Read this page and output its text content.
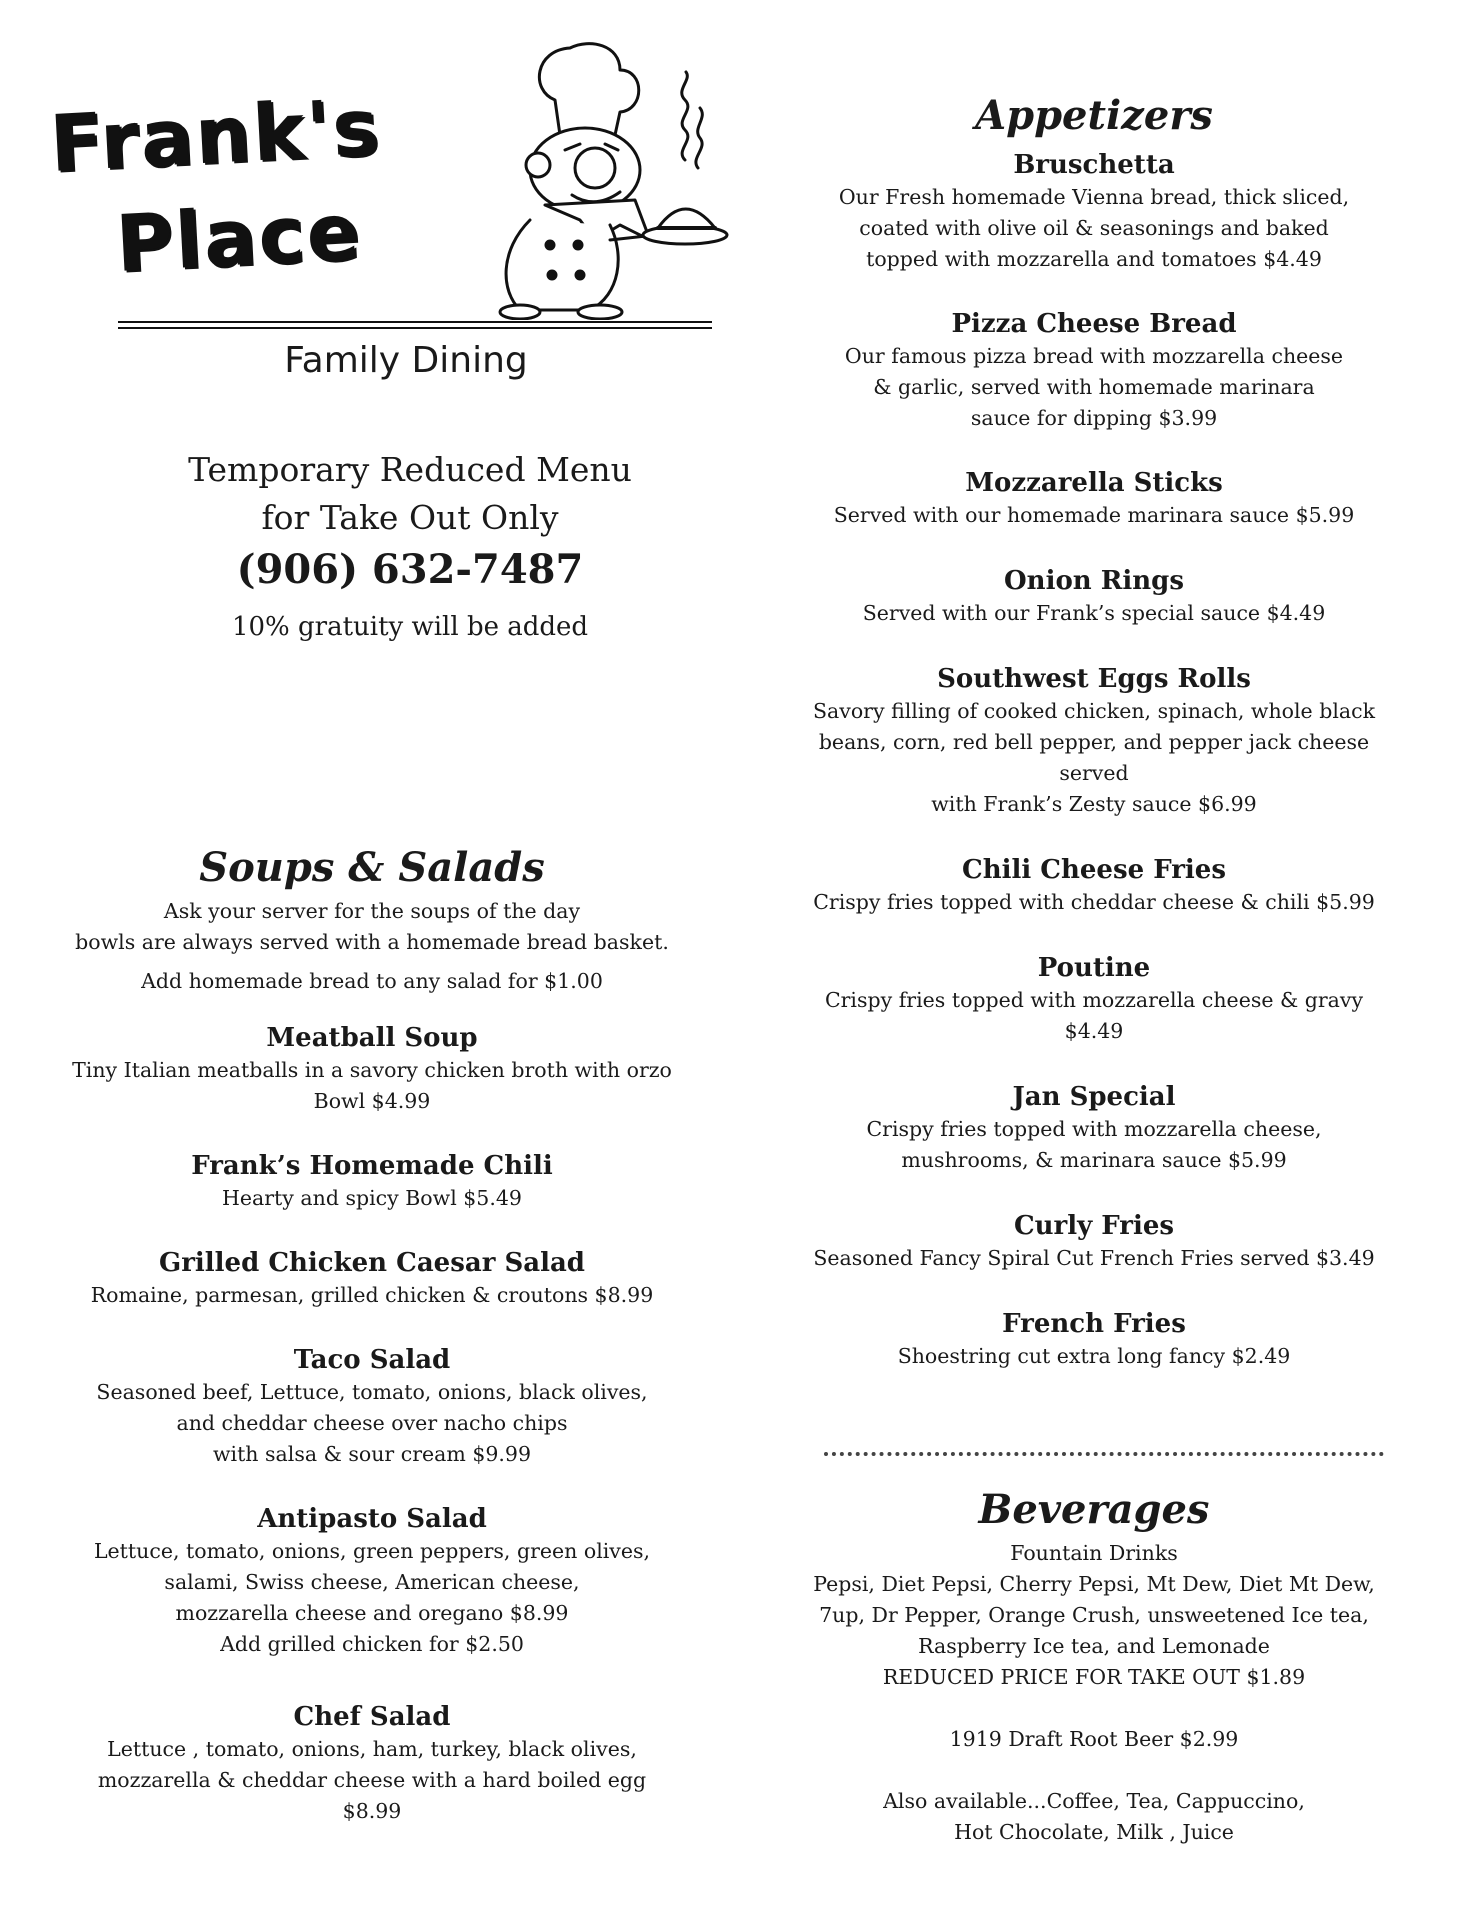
Frank's
Place
Family Dining
Temporary Reduced Menu
for Take Out Only
(906) 632-7487
10% gratuity will be added
Soups & Salads
Ask your server for the soups of the day
bowls are always served with a homemade bread basket.
Add homemade bread to any salad for $1.00
Meatball Soup
Tiny Italian meatballs in a savory chicken broth with orzo
Bowl $4.99
Frank’s Homemade Chili
Hearty and spicy Bowl $5.49
Grilled Chicken Caesar Salad
Romaine, parmesan, grilled chicken & croutons $8.99
Taco Salad
Seasoned beef, Lettuce, tomato, onions, black olives,
and cheddar cheese over nacho chips
with salsa & sour cream $9.99
Antipasto Salad
Lettuce, tomato, onions, green peppers, green olives,
salami, Swiss cheese, American cheese,
mozzarella cheese and oregano $8.99
Add grilled chicken for $2.50
Chef Salad
Lettuce , tomato, onions, ham, turkey, black olives,
mozzarella & cheddar cheese with a hard boiled egg $8.99
Appetizers
Bruschetta
Our Fresh homemade Vienna bread, thick sliced,
coated with olive oil & seasonings and baked
topped with mozzarella and tomatoes $4.49
Pizza Cheese Bread
Our famous pizza bread with mozzarella cheese
& garlic, served with homemade marinara
sauce for dipping $3.99
Mozzarella Sticks
Served with our homemade marinara sauce $5.99
Onion Rings
Served with our Frank’s special sauce $4.49
Southwest Eggs Rolls
Savory filling of cooked chicken, spinach, whole black
beans, corn, red bell pepper, and pepper jack cheese served
with Frank’s Zesty sauce $6.99
Chili Cheese Fries
Crispy fries topped with cheddar cheese & chili $5.99
Poutine
Crispy fries topped with mozzarella cheese & gravy $4.49
Jan Special
Crispy fries topped with mozzarella cheese,
mushrooms, & marinara sauce $5.99
Curly Fries
Seasoned Fancy Spiral Cut French Fries served $3.49
French Fries
Shoestring cut extra long fancy $2.49
Beverages
Fountain Drinks
Pepsi, Diet Pepsi, Cherry Pepsi, Mt Dew, Diet Mt Dew,
7up, Dr Pepper, Orange Crush, unsweetened Ice tea,
Raspberry Ice tea, and Lemonade
REDUCED PRICE FOR TAKE OUT $1.89
1919 Draft Root Beer $2.99
Also available...Coffee, Tea, Cappuccino,
Hot Chocolate, Milk , Juice
